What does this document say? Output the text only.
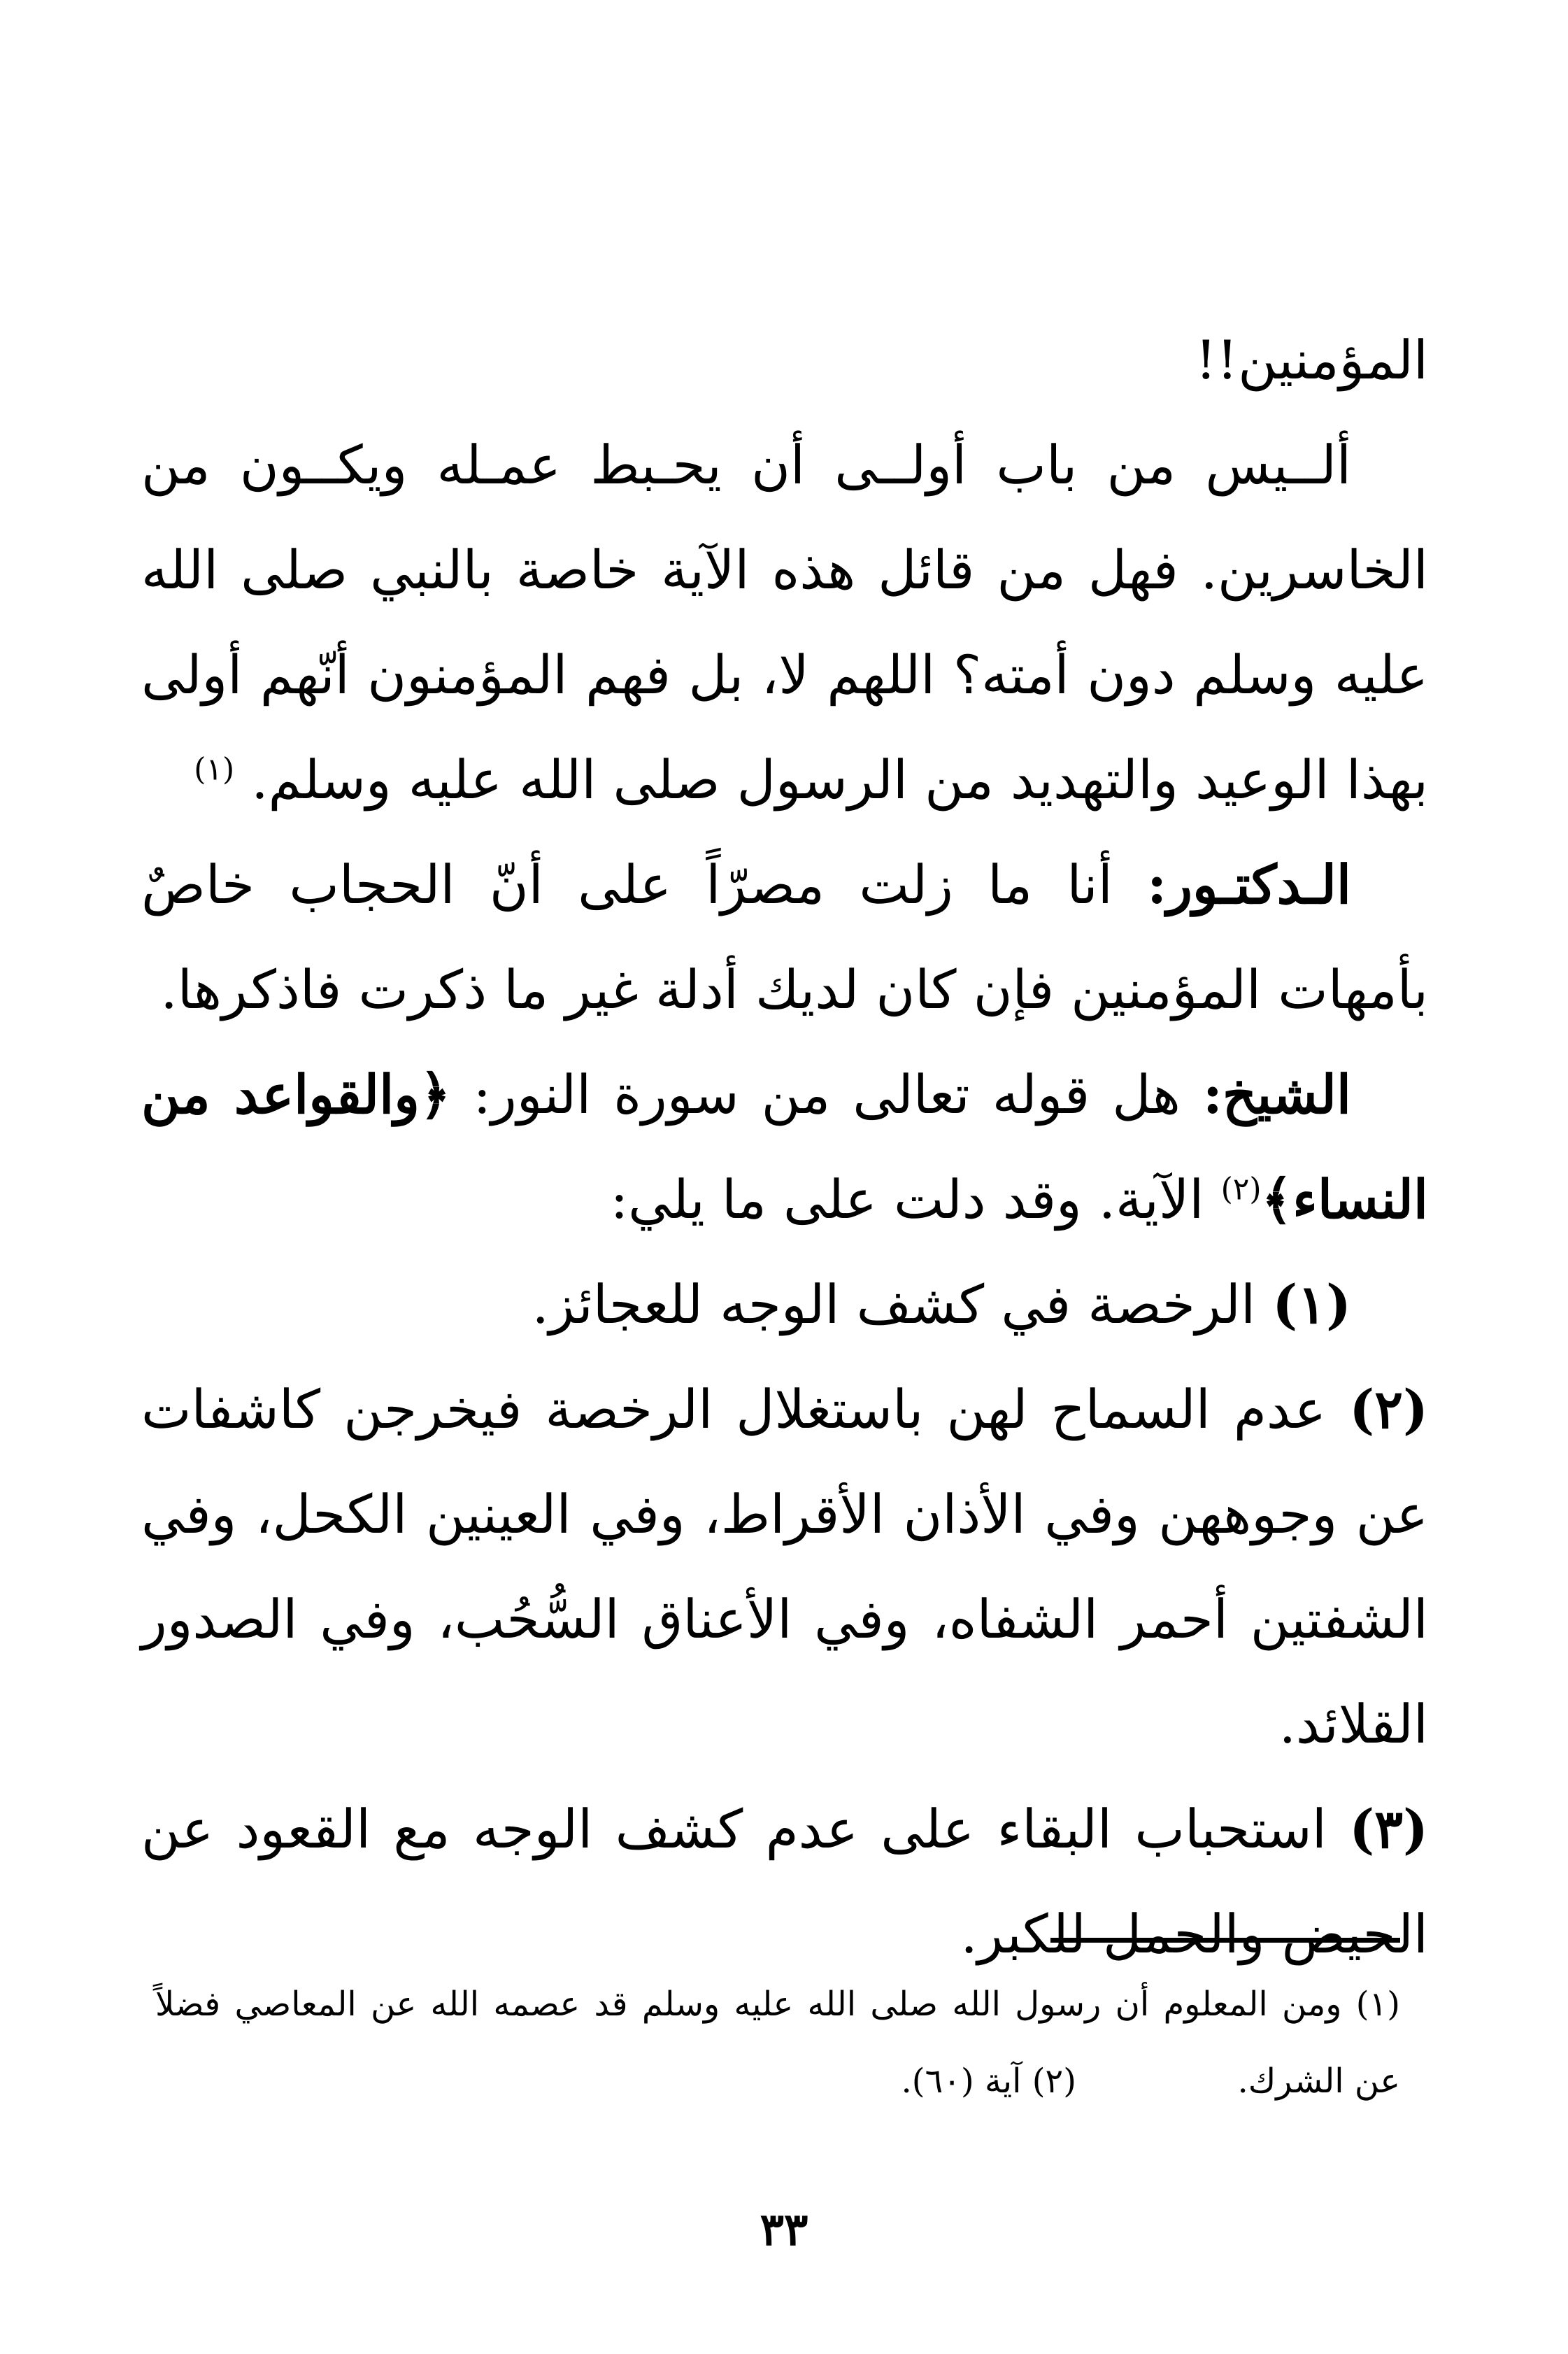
المؤمنين!!

ألــيس من باب أولــى أن يحـبط عمـله ويكــون من الخاسرين. فهل من قائل هذه الآية خاصة بالنبي صلى الله عليه وسلم دون أمته؟ اللهم لا، بل فهم المؤمنون أنّهم أولى بهذا الوعيد والتهديد من الرسول صلى الله عليه وسلم. $^{(١)}$

الـدكتـور: أنا ما زلت مصرّاً على أنّ الحجاب خاصٌ بأمهات المؤمنين فإن كان لديك أدلة غير ما ذكرت فاذكرها.

الشيخ: هل قوله تعالى من سورة النور: ﴿والقواعد من النساء﴾$^{(٢)}$ الآية. وقد دلت على ما يلي:

(١) الرخصة في كشف الوجه للعجائز.

(٢) عدم السماح لهن باستغلال الرخصة فيخرجن كاشفات عن وجوههن وفي الأذان الأقراط، وفي العينين الكحل، وفي الشفتين أحمر الشفاه، وفي الأعناق السُّحُب، وفي الصدور القلائد.

(٣) استحباب البقاء على عدم كشف الوجه مع القعود عن الحيض والحمل للكبر.

(١) ومن المعلوم أن رسول الله صلى الله عليه وسلم قد عصمه الله عن المعاصي فضلاً عن الشرك.  (٢) آية (٦٠).

٣٣
